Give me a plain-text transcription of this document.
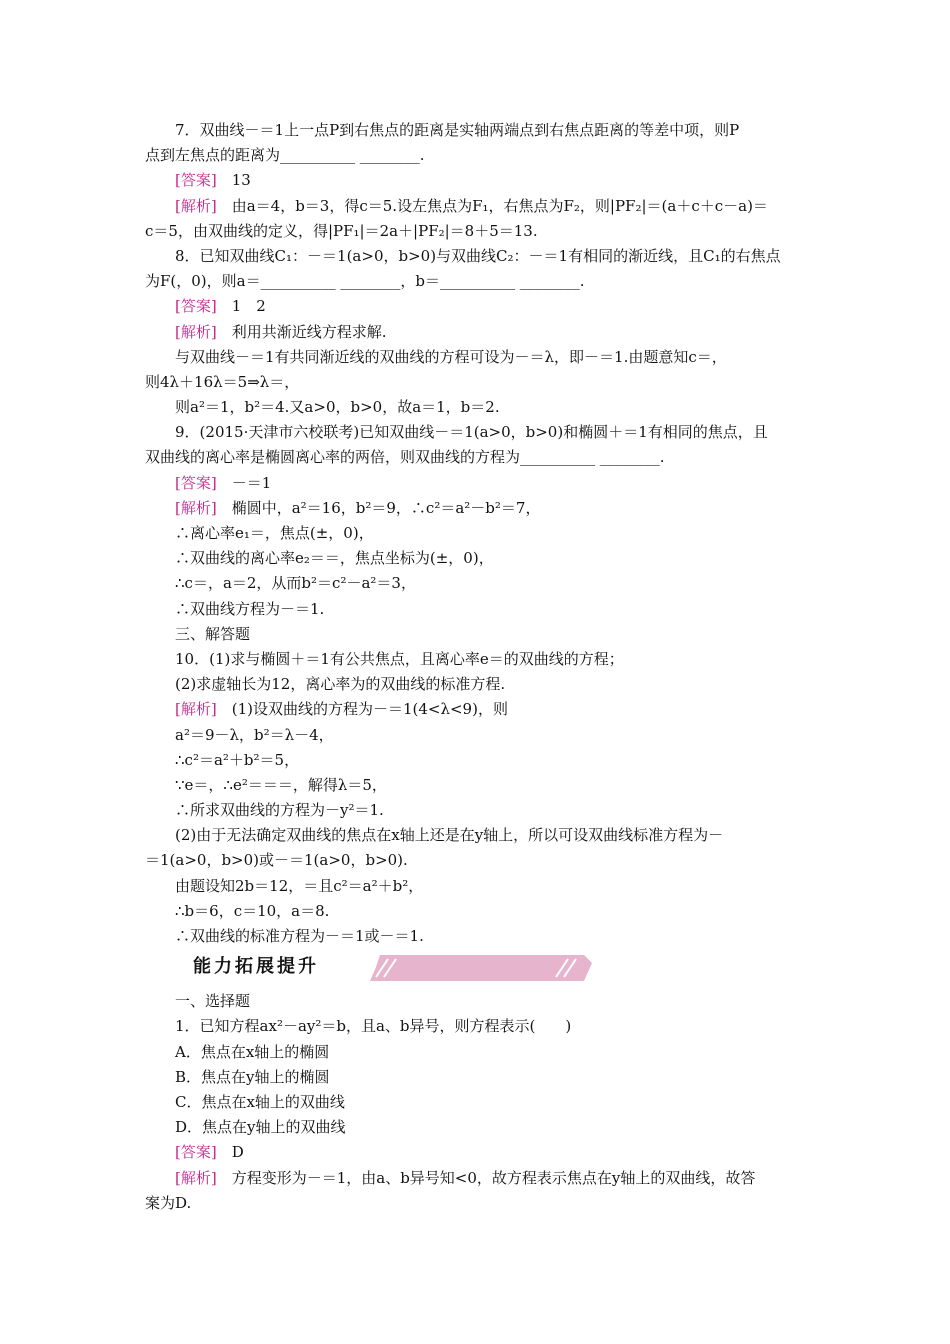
7．双曲线－＝1上一点P到右焦点的距离是实轴两端点到右焦点距离的等差中项，则P
点到左焦点的距离为__________ ________.
[答案]　13
[解析]　由a＝4，b＝3，得c＝5.设左焦点为F₁，右焦点为F₂，则|PF₂|＝(a＋c＋c－a)＝
c＝5，由双曲线的定义，得|PF₁|＝2a＋|PF₂|＝8＋5＝13.
8．已知双曲线C₁：－＝1(a>0，b>0)与双曲线C₂：－＝1有相同的渐近线，且C₁的右焦点
为F(，0)，则a＝__________ ________，b＝__________ ________.
[答案]　1　2
[解析]　利用共渐近线方程求解.
与双曲线－＝1有共同渐近线的双曲线的方程可设为－＝λ，即－＝1.由题意知c＝，
则4λ＋16λ＝5⇒λ＝，
则a²＝1，b²＝4.又a>0，b>0，故a＝1，b＝2.
9．(2015·天津市六校联考)已知双曲线－＝1(a>0，b>0)和椭圆＋＝1有相同的焦点，且
双曲线的离心率是椭圆离心率的两倍，则双曲线的方程为__________ ________.
[答案]　－＝1
[解析]　椭圆中，a²＝16，b²＝9，∴c²＝a²－b²＝7，
∴离心率e₁＝，焦点(±，0)，
∴双曲线的离心率e₂＝＝，焦点坐标为(±，0)，
∴c＝，a＝2，从而b²＝c²－a²＝3，
∴双曲线方程为－＝1.
三、解答题
10．(1)求与椭圆＋＝1有公共焦点，且离心率e＝的双曲线的方程；
(2)求虚轴长为12，离心率为的双曲线的标准方程.
[解析]　(1)设双曲线的方程为－＝1(4<λ<9)，则
a²＝9－λ，b²＝λ－4，
∴c²＝a²＋b²＝5，
∵e＝，∴e²＝＝＝，解得λ＝5，
∴所求双曲线的方程为－y²＝1.
(2)由于无法确定双曲线的焦点在x轴上还是在y轴上，所以可设双曲线标准方程为－
＝1(a>0，b>0)或－＝1(a>0，b>0).
由题设知2b＝12，＝且c²＝a²＋b²，
∴b＝6，c＝10，a＝8.
∴双曲线的标准方程为－＝1或－＝1.
能力拓展提升
一、选择题
1．已知方程ax²－ay²＝b，且a、b异号，则方程表示(　　)
A．焦点在x轴上的椭圆
B．焦点在y轴上的椭圆
C．焦点在x轴上的双曲线
D．焦点在y轴上的双曲线
[答案]　D
[解析]　方程变形为－＝1，由a、b异号知<0，故方程表示焦点在y轴上的双曲线，故答
案为D.
